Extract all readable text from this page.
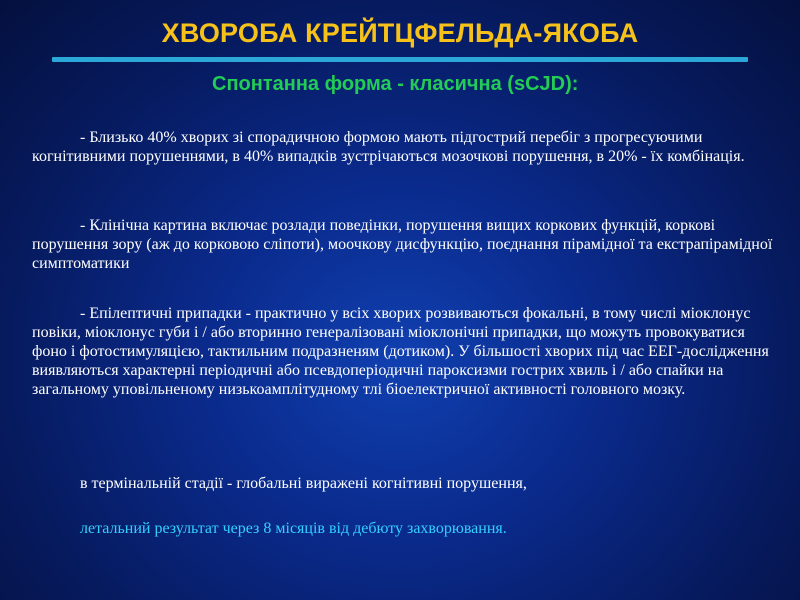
ХВОРОБА КРЕЙТЦФЕЛЬДА-ЯКОБА
Спонтанна форма - класична (sCJD):

- Близько 40% хворих зі спорадичною формою мають підгострий перебіг з прогресуючими когнітивними порушеннями, в 40% випадків зустрічаються мозочкові порушення, в 20% - їх комбінація.

- Клінічна картина включає розлади поведінки, порушення вищих коркових функцій, коркові порушення зору (аж до корковою сліпоти), моочкову дисфункцію, поєднання пірамідної та екстрапірамідної симптоматики

- Епілептичні припадки - практично у всіх хворих розвиваються фокальні, в тому числі міоклонус повіки, міоклонус губи і / або вторинно генералізовані міоклонічні припадки, що можуть провокуватися фоно і фотостимуляцією, тактильним подразненям (дотиком). У більшості хворих під час ЕЕГ-дослідження виявляються характерні періодичні або псевдоперіодичні пароксизми гострих хвиль і / або спайки на загальному уповільненому низькоамплітудному тлі біоелектричної активності головного мозку.

в термінальній стадії - глобальні виражені когнітивні порушення,

летальний результат через 8 місяців від дебюту захворювання.
